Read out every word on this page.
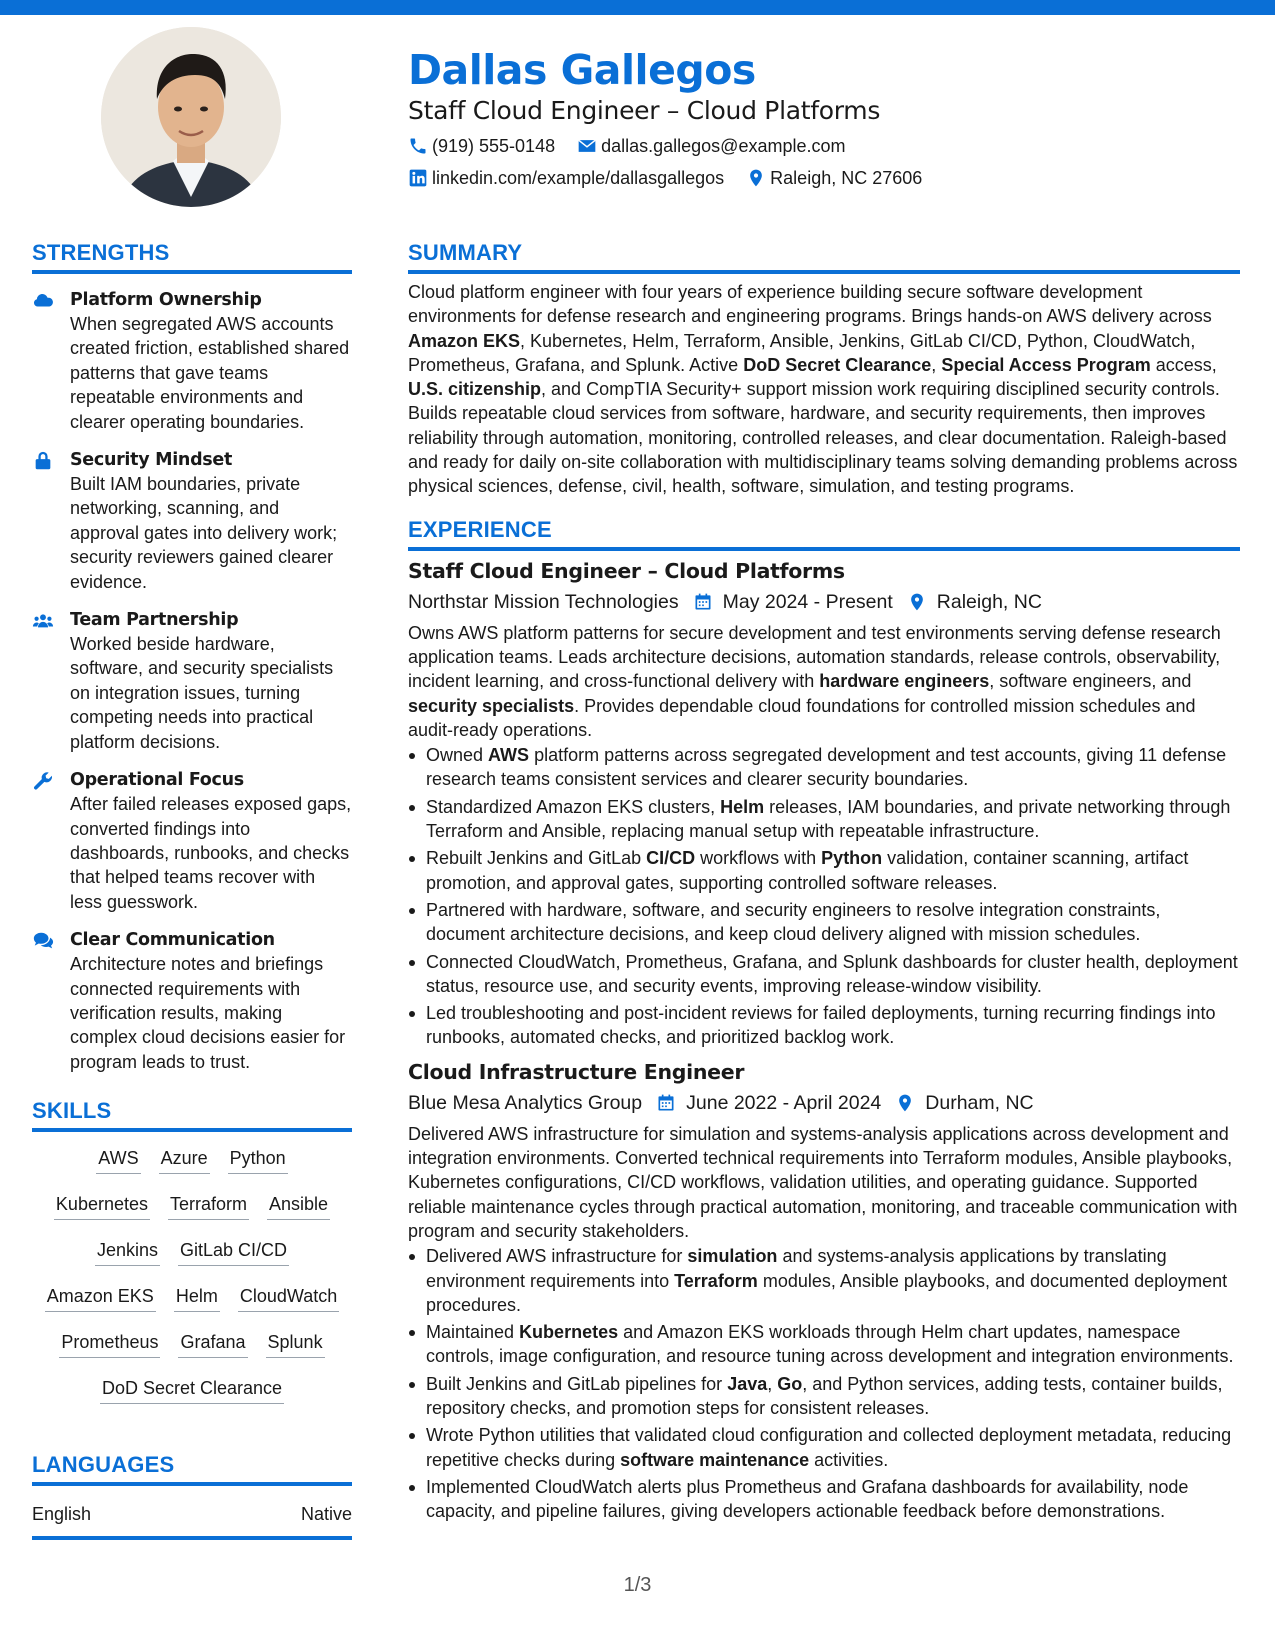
Dallas Gallegos
Staff Cloud Engineer – Cloud Platforms
(919) 555-0148	dallas.gallegos@example.com
linkedin.com/example/dallasgallegos	Raleigh, NC 27606
STRENGTHS
Platform Ownership
When segregated AWS accounts created friction, established shared patterns that gave teams repeatable environments and clearer operating boundaries.
Security Mindset
Built IAM boundaries, private networking, scanning, and approval gates into delivery work; security reviewers gained clearer evidence.
Team Partnership
Worked beside hardware, software, and security specialists on integration issues, turning competing needs into practical platform decisions.
Operational Focus
After failed releases exposed gaps, converted findings into dashboards, runbooks, and checks that helped teams recover with less guesswork.
Clear Communication
Architecture notes and briefings connected requirements with verification results, making complex cloud decisions easier for program leads to trust.
SKILLS
AWS Azure Python
Kubernetes Terraform Ansible
Jenkins GitLab CI/CD
Amazon EKS Helm CloudWatch
Prometheus Grafana Splunk
DoD Secret Clearance
LANGUAGES
English	Native
SUMMARY
Cloud platform engineer with four years of experience building secure software development environments for defense research and engineering programs. Brings hands-on AWS delivery across Amazon EKS, Kubernetes, Helm, Terraform, Ansible, Jenkins, GitLab CI/CD, Python, CloudWatch, Prometheus, Grafana, and Splunk. Active DoD Secret Clearance, Special Access Program access, U.S. citizenship, and CompTIA Security+ support mission work requiring disciplined security controls. Builds repeatable cloud services from software, hardware, and security requirements, then improves reliability through automation, monitoring, controlled releases, and clear documentation. Raleigh-based and ready for daily on-site collaboration with multidisciplinary teams solving demanding problems across physical sciences, defense, civil, health, software, simulation, and testing programs.
EXPERIENCE
Staff Cloud Engineer – Cloud Platforms
Northstar Mission Technologies May 2024 - Present Raleigh, NC
Owns AWS platform patterns for secure development and test environments serving defense research application teams. Leads architecture decisions, automation standards, release controls, observability, incident learning, and cross-functional delivery with hardware engineers, software engineers, and security specialists. Provides dependable cloud foundations for controlled mission schedules and audit-ready operations.
Owned AWS platform patterns across segregated development and test accounts, giving 11 defense research teams consistent services and clearer security boundaries.
Standardized Amazon EKS clusters, Helm releases, IAM boundaries, and private networking through Terraform and Ansible, replacing manual setup with repeatable infrastructure.
Rebuilt Jenkins and GitLab CI/CD workflows with Python validation, container scanning, artifact promotion, and approval gates, supporting controlled software releases.
Partnered with hardware, software, and security engineers to resolve integration constraints, document architecture decisions, and keep cloud delivery aligned with mission schedules.
Connected CloudWatch, Prometheus, Grafana, and Splunk dashboards for cluster health, deployment status, resource use, and security events, improving release-window visibility.
Led troubleshooting and post-incident reviews for failed deployments, turning recurring findings into runbooks, automated checks, and prioritized backlog work.
Cloud Infrastructure Engineer
Blue Mesa Analytics Group June 2022 - April 2024 Durham, NC
Delivered AWS infrastructure for simulation and systems-analysis applications across development and integration environments. Converted technical requirements into Terraform modules, Ansible playbooks, Kubernetes configurations, CI/CD workflows, validation utilities, and operating guidance. Supported reliable maintenance cycles through practical automation, monitoring, and traceable communication with program and security stakeholders.
Delivered AWS infrastructure for simulation and systems-analysis applications by translating environment requirements into Terraform modules, Ansible playbooks, and documented deployment procedures.
Maintained Kubernetes and Amazon EKS workloads through Helm chart updates, namespace controls, image configuration, and resource tuning across development and integration environments.
Built Jenkins and GitLab pipelines for Java, Go, and Python services, adding tests, container builds, repository checks, and promotion steps for consistent releases.
Wrote Python utilities that validated cloud configuration and collected deployment metadata, reducing repetitive checks during software maintenance activities.
Implemented CloudWatch alerts plus Prometheus and Grafana dashboards for availability, node capacity, and pipeline failures, giving developers actionable feedback before demonstrations.
1/3
